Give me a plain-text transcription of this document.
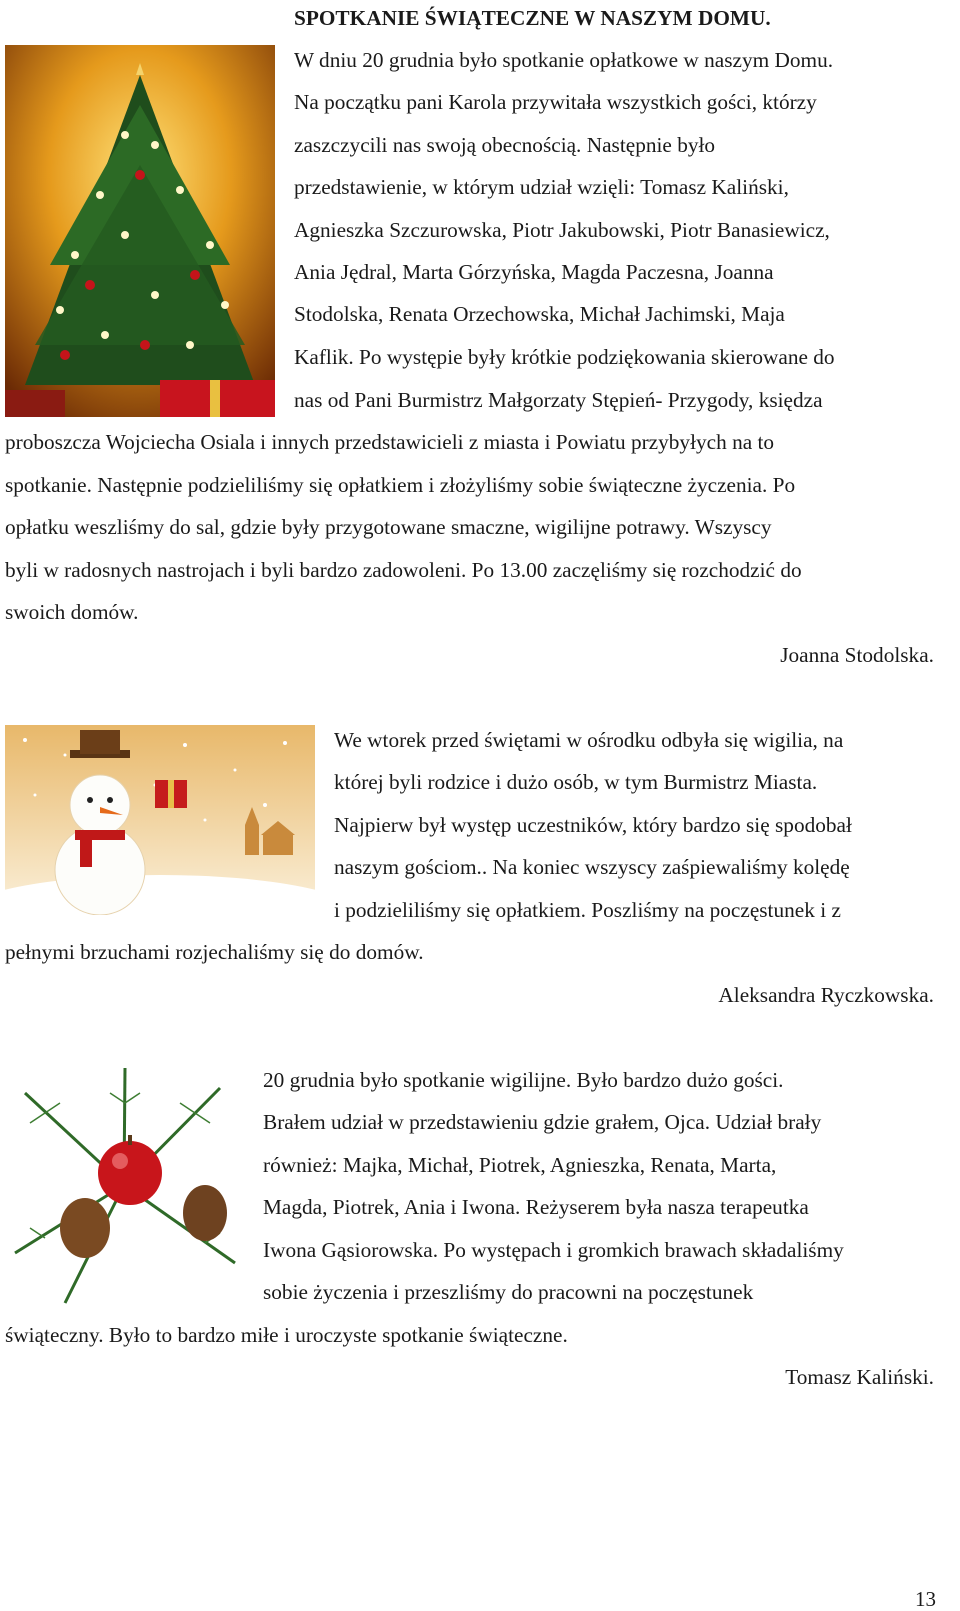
SPOTKANIE ŚWIĄTECZNE W NASZYM DOMU.
W dniu 20 grudnia było spotkanie opłatkowe w naszym Domu.
Na początku pani Karola przywitała wszystkich gości, którzy
zaszczycili nas swoją obecnością. Następnie było
przedstawienie, w którym udział wzięli: Tomasz Kaliński,
Agnieszka Szczurowska, Piotr Jakubowski, Piotr Banasiewicz,
Ania Jędral, Marta Górzyńska, Magda Paczesna, Joanna
Stodolska, Renata Orzechowska, Michał Jachimski, Maja
Kaflik. Po występie były krótkie podziękowania skierowane do
nas od Pani Burmistrz Małgorzaty Stępień- Przygody, księdza
proboszcza Wojciecha Osiala i innych przedstawicieli z miasta i Powiatu przybyłych na to
spotkanie. Następnie podzieliliśmy się opłatkiem i złożyliśmy sobie świąteczne życzenia. Po
opłatku weszliśmy do sal, gdzie były przygotowane smaczne, wigilijne potrawy. Wszyscy
byli w radosnych nastrojach i byli bardzo zadowoleni. Po 13.00 zaczęliśmy się rozchodzić do
swoich domów.
Joanna Stodolska.
We wtorek przed świętami w ośrodku odbyła się wigilia, na
której byli rodzice i dużo osób, w tym Burmistrz Miasta.
Najpierw był występ uczestników, który bardzo się spodobał
naszym gościom.. Na koniec wszyscy zaśpiewaliśmy kolędę
i podzieliliśmy się opłatkiem. Poszliśmy na poczęstunek i z
pełnymi brzuchami rozjechaliśmy się do domów.
Aleksandra Ryczkowska.
20 grudnia było spotkanie wigilijne. Było bardzo dużo gości.
Brałem udział w przedstawieniu gdzie grałem, Ojca. Udział brały
również: Majka, Michał, Piotrek, Agnieszka, Renata, Marta,
Magda, Piotrek, Ania i Iwona. Reżyserem była nasza terapeutka
Iwona Gąsiorowska. Po występach i gromkich brawach składaliśmy
sobie życzenia i przeszliśmy do pracowni na poczęstunek
świąteczny. Było to bardzo miłe i uroczyste spotkanie świąteczne.
Tomasz Kaliński.
13
